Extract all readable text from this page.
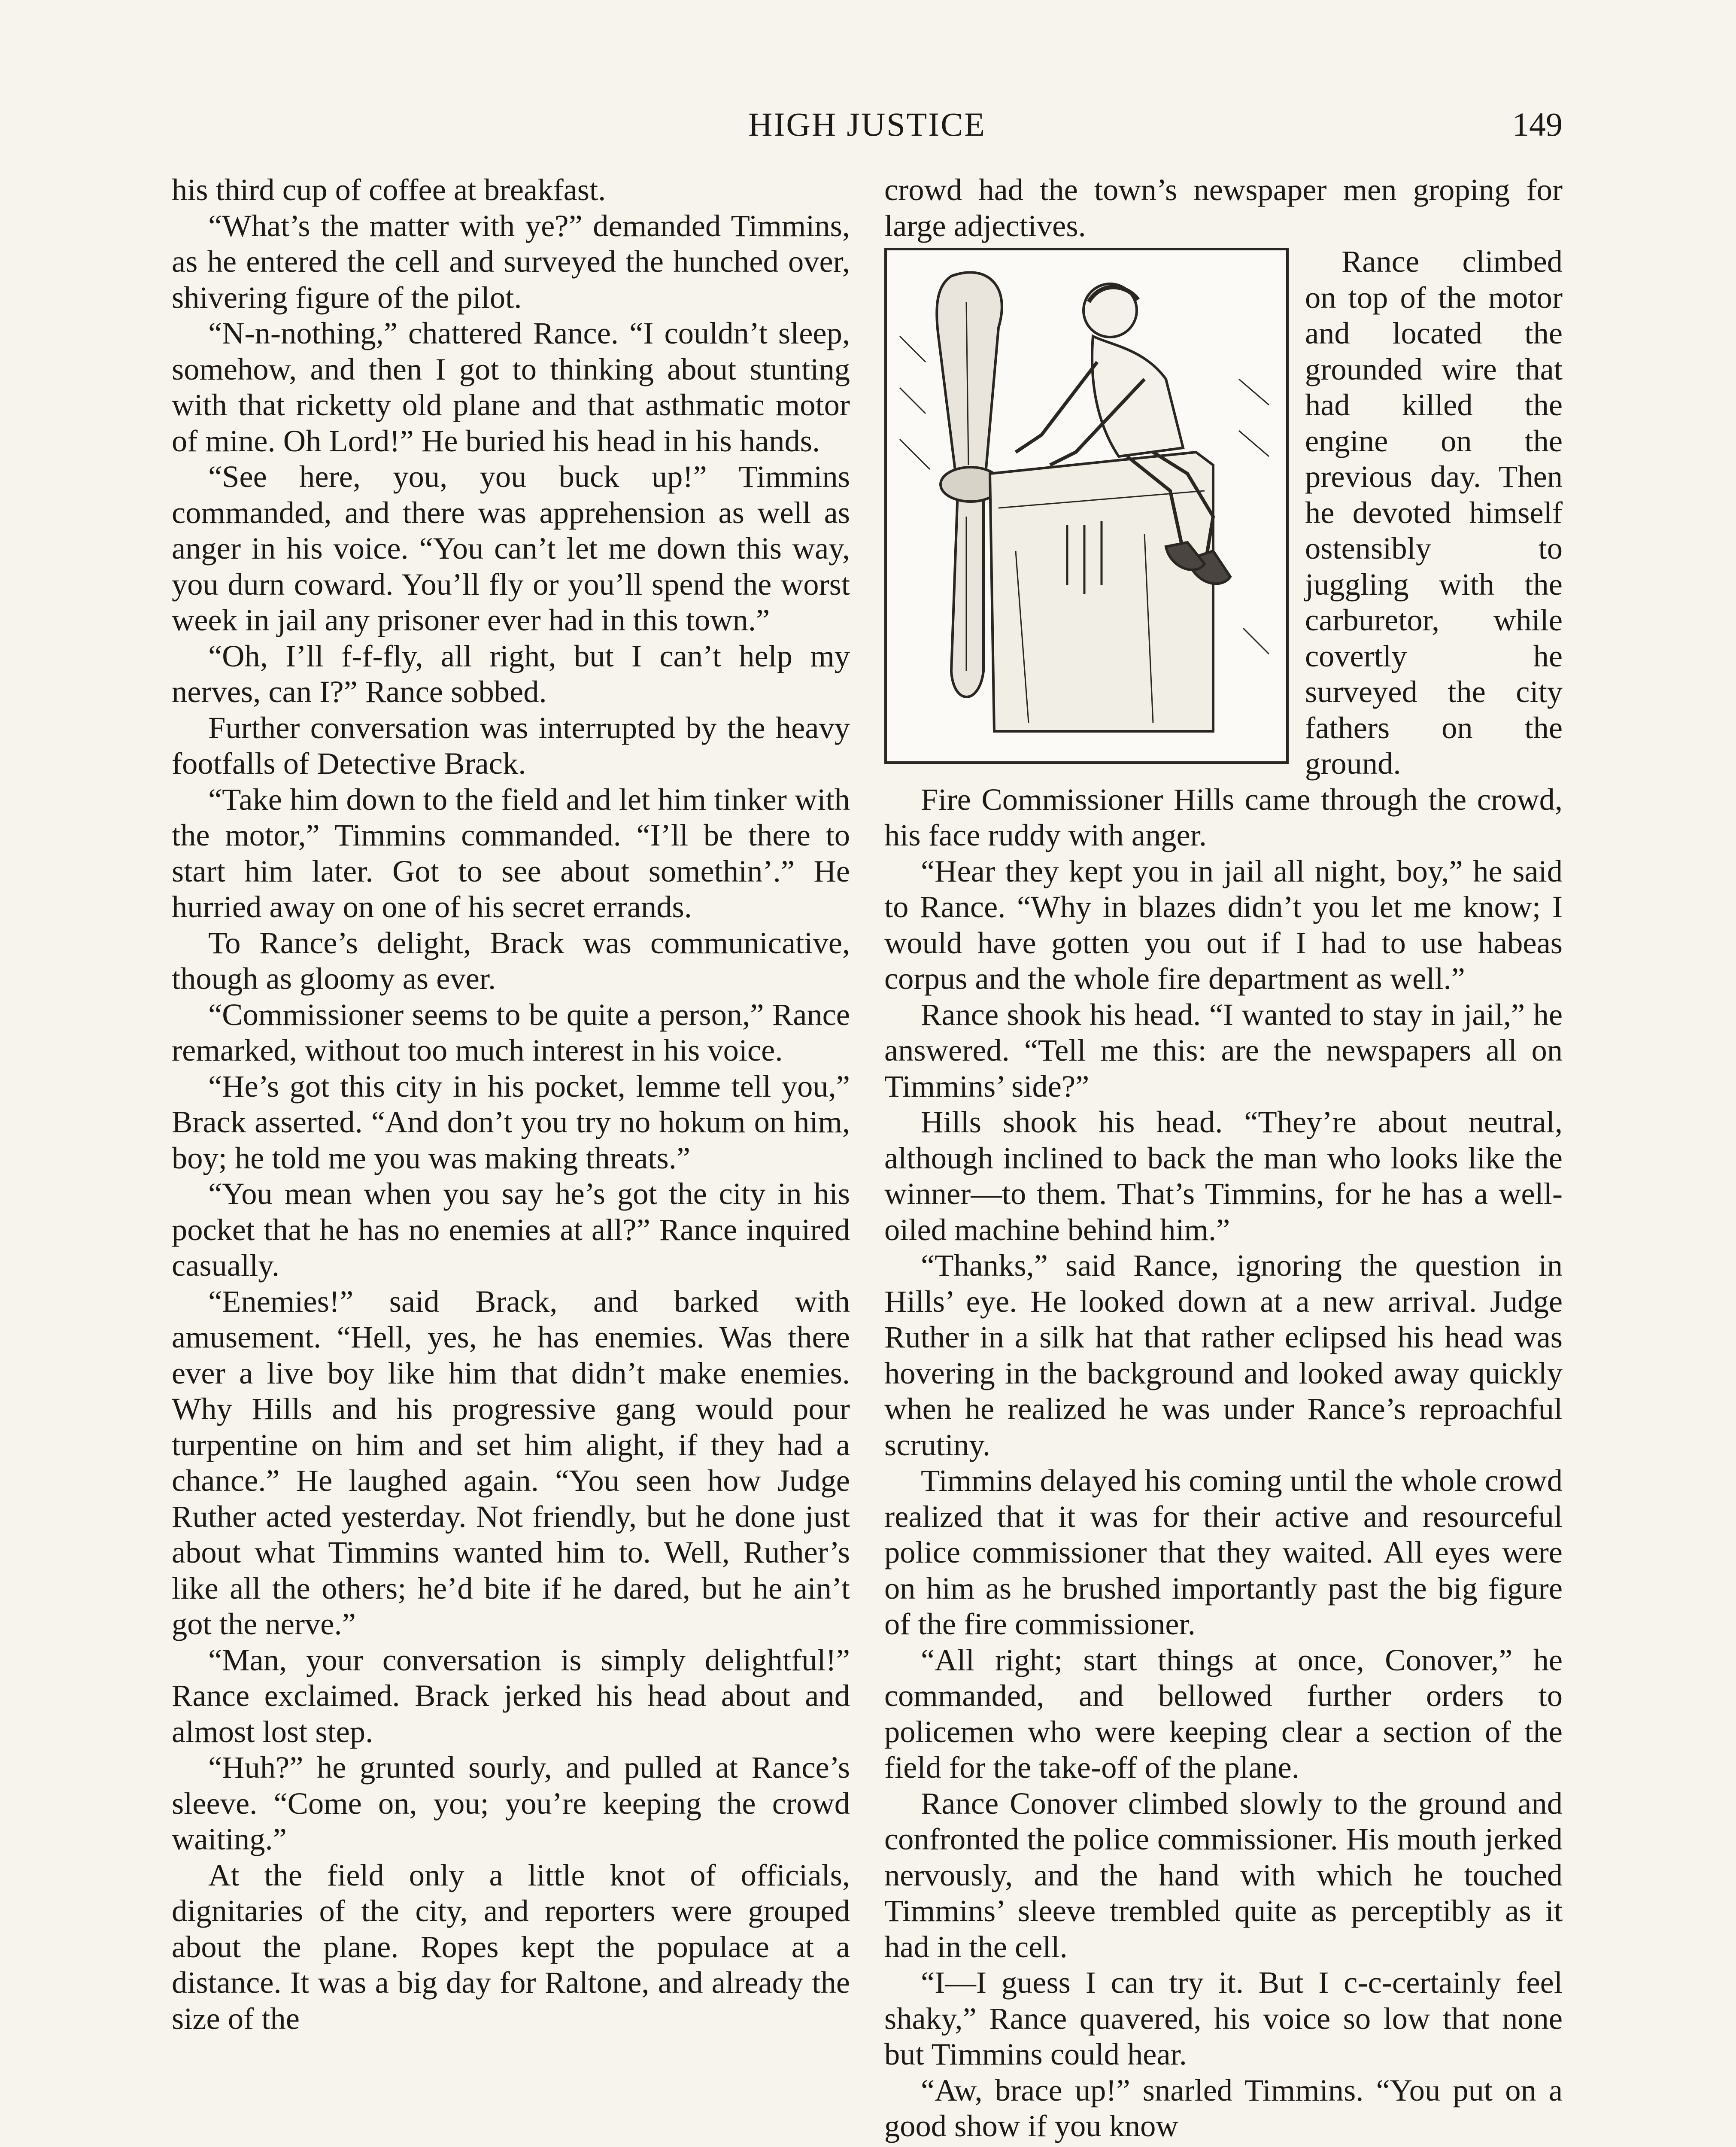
HIGH JUSTICE	149

his third cup of coffee at breakfast.

“What’s the matter with ye?” demanded Timmins, as he entered the cell and surveyed the hunched over, shivering figure of the pilot.

“N-n-nothing,” chattered Rance. “I couldn’t sleep, somehow, and then I got to thinking about stunting with that ricketty old plane and that asthmatic motor of mine. Oh Lord!” He buried his head in his hands.

“See here, you, you buck up!” Timmins commanded, and there was apprehension as well as anger in his voice. “You can’t let me down this way, you durn coward. You’ll fly or you’ll spend the worst week in jail any prisoner ever had in this town.”

“Oh, I’ll f-f-fly, all right, but I can’t help my nerves, can I?” Rance sobbed.

Further conversation was interrupted by the heavy footfalls of Detective Brack.

“Take him down to the field and let him tinker with the motor,” Timmins commanded. “I’ll be there to start him later. Got to see about somethin’.” He hurried away on one of his secret errands.

To Rance’s delight, Brack was communicative, though as gloomy as ever.

“Commissioner seems to be quite a person,” Rance remarked, without too much interest in his voice.

“He’s got this city in his pocket, lemme tell you,” Brack asserted. “And don’t you try no hokum on him, boy; he told me you was making threats.”

“You mean when you say he’s got the city in his pocket that he has no enemies at all?” Rance inquired casually.

“Enemies!” said Brack, and barked with amusement. “Hell, yes, he has enemies. Was there ever a live boy like him that didn’t make enemies. Why Hills and his progressive gang would pour turpentine on him and set him alight, if they had a chance.” He laughed again. “You seen how Judge Ruther acted yesterday. Not friendly, but he done just about what Timmins wanted him to. Well, Ruther’s like all the others; he’d bite if he dared, but he ain’t got the nerve.”

“Man, your conversation is simply delightful!” Rance exclaimed. Brack jerked his head about and almost lost step.

“Huh?” he grunted sourly, and pulled at Rance’s sleeve. “Come on, you; you’re keeping the crowd waiting.”

At the field only a little knot of officials, dignitaries of the city, and reporters were grouped about the plane. Ropes kept the populace at a distance. It was a big day for Raltone, and already the size of the

crowd had the town’s newspaper men groping for large adjectives.

Rance climbed on top of the motor and located the grounded wire that had killed the engine on the previous day. Then he devoted himself ostensibly to juggling with the carburetor, while covertly he surveyed the city fathers on the ground.

Fire Commissioner Hills came through the crowd, his face ruddy with anger.

“Hear they kept you in jail all night, boy,” he said to Rance. “Why in blazes didn’t you let me know; I would have gotten you out if I had to use habeas corpus and the whole fire department as well.”

Rance shook his head. “I wanted to stay in jail,” he answered. “Tell me this: are the newspapers all on Timmins’ side?”

Hills shook his head. “They’re about neutral, although inclined to back the man who looks like the winner—to them. That’s Timmins, for he has a well-oiled machine behind him.”

“Thanks,” said Rance, ignoring the question in Hills’ eye. He looked down at a new arrival. Judge Ruther in a silk hat that rather eclipsed his head was hovering in the background and looked away quickly when he realized he was under Rance’s reproachful scrutiny.

Timmins delayed his coming until the whole crowd realized that it was for their active and resourceful police commissioner that they waited. All eyes were on him as he brushed importantly past the big figure of the fire commissioner.

“All right; start things at once, Conover,” he commanded, and bellowed further orders to policemen who were keeping clear a section of the field for the take-off of the plane.

Rance Conover climbed slowly to the ground and confronted the police commissioner. His mouth jerked nervously, and the hand with which he touched Timmins’ sleeve trembled quite as perceptibly as it had in the cell.

“I—I guess I can try it. But I c-c-certainly feel shaky,” Rance quavered, his voice so low that none but Timmins could hear.

“Aw, brace up!” snarled Timmins. “You put on a good show if you know
